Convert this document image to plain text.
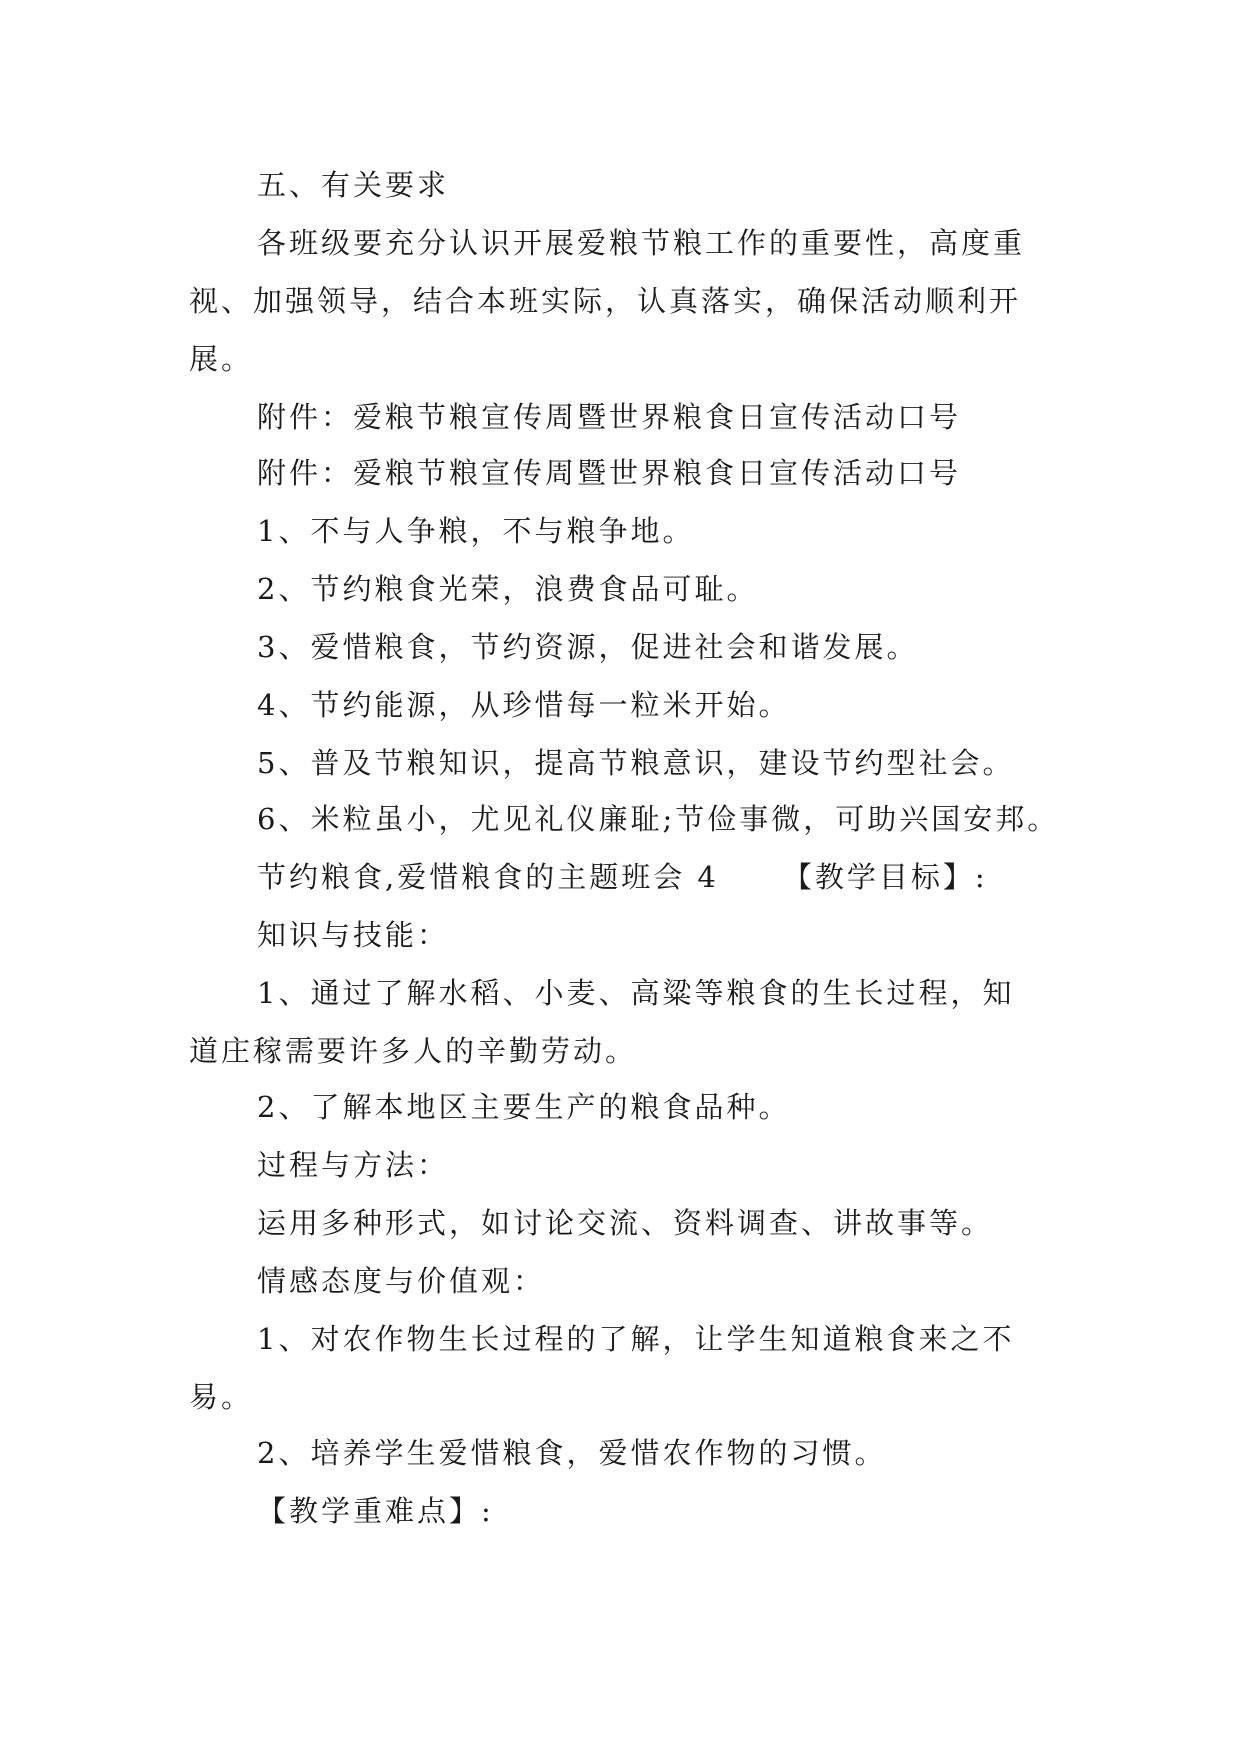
五、有关要求
各班级要充分认识开展爱粮节粮工作的重要性，高度重
视、加强领导，结合本班实际，认真落实，确保活动顺利开
展。
附件：爱粮节粮宣传周暨世界粮食日宣传活动口号
附件：爱粮节粮宣传周暨世界粮食日宣传活动口号
1、不与人争粮，不与粮争地。
2、节约粮食光荣，浪费食品可耻。
3、爱惜粮食，节约资源，促进社会和谐发展。
4、节约能源，从珍惜每一粒米开始。
5、普及节粮知识，提高节粮意识，建设节约型社会。
6、米粒虽小，尤见礼仪廉耻;节俭事微，可助兴国安邦。
节约粮食,爱惜粮食的主题班会 4 【教学目标】:
知识与技能：
1、通过了解水稻、小麦、高粱等粮食的生长过程，知
道庄稼需要许多人的辛勤劳动。
2、了解本地区主要生产的粮食品种。
过程与方法：
运用多种形式，如讨论交流、资料调查、讲故事等。
情感态度与价值观：
1、对农作物生长过程的了解，让学生知道粮食来之不
易。
2、培养学生爱惜粮食，爱惜农作物的习惯。
【教学重难点】:
